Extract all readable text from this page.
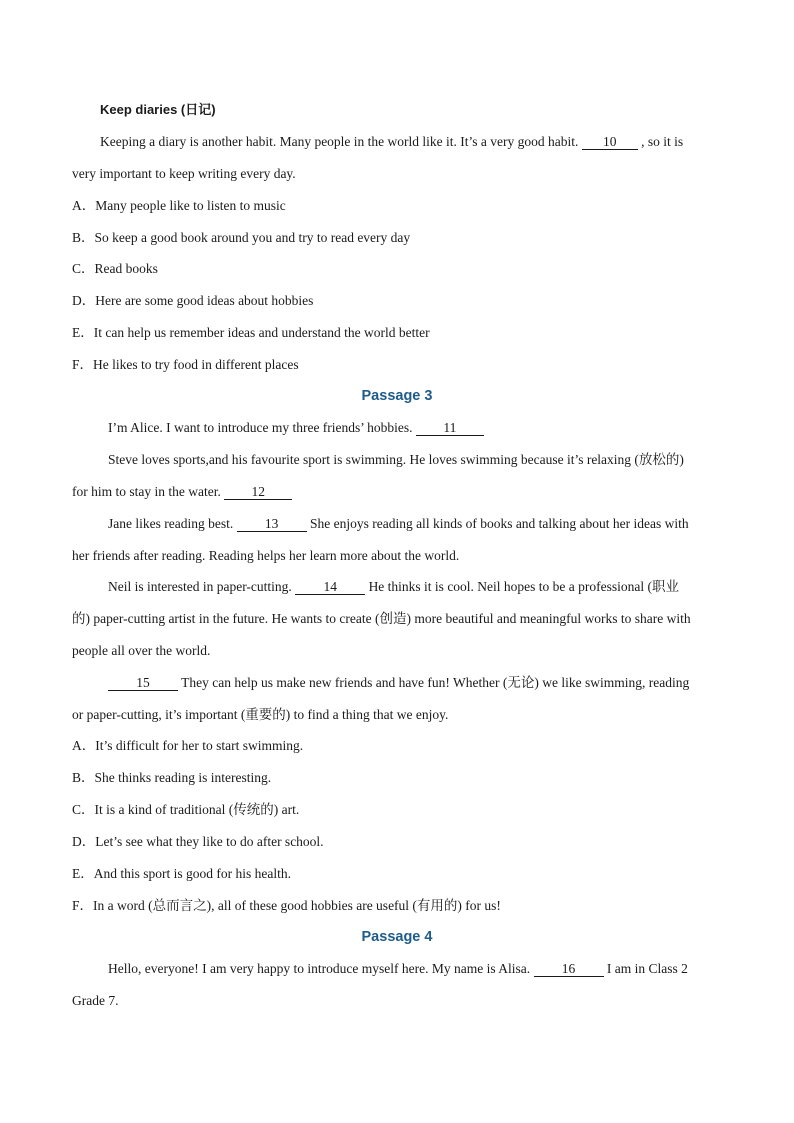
Keep diaries (日记)
Keeping a diary is another habit. Many people in the world like it. It’s a very good habit. 10 , so it is
very important to keep writing every day.
A．Many people like to listen to music
B．So keep a good book around you and try to read every day
C．Read books
D．Here are some good ideas about hobbies
E．It can help us remember ideas and understand the world better
F．He likes to try food in different places
Passage 3
I’m Alice. I want to introduce my three friends’ hobbies. 11
Steve loves sports,and his favourite sport is swimming. He loves swimming because it’s relaxing (放松的)
for him to stay in the water. 12
Jane likes reading best. 13 She enjoys reading all kinds of books and talking about her ideas with
her friends after reading. Reading helps her learn more about the world.
Neil is interested in paper-cutting. 14 He thinks it is cool. Neil hopes to be a professional (职业
的) paper-cutting artist in the future. He wants to create (创造) more beautiful and meaningful works to share with
people all over the world.
15 They can help us make new friends and have fun! Whether (无论) we like swimming, reading
or paper-cutting, it’s important (重要的) to find a thing that we enjoy.
A．It’s difficult for her to start swimming.
B．She thinks reading is interesting.
C．It is a kind of traditional (传统的) art.
D．Let’s see what they like to do after school.
E．And this sport is good for his health.
F．In a word (总而言之), all of these good hobbies are useful (有用的) for us!
Passage 4
Hello, everyone! I am very happy to introduce myself here. My name is Alisa. 16 I am in Class 2
Grade 7.
